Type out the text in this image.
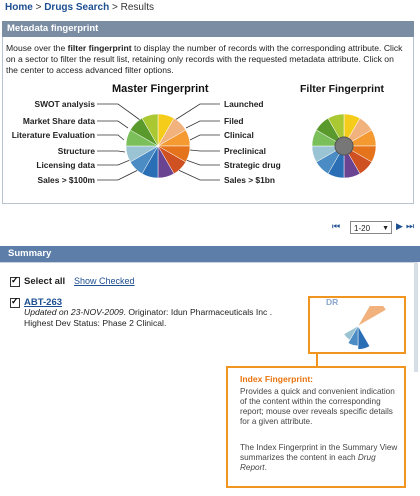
Home > Drugs Search > Results
Metadata fingerprint
Mouse over the filter fingerprint to display the number of records with the corresponding attribute. Click on a sector to filter the result list, retaining only records with the requested metadata attribute. Click on the center to access advanced filter options.
Master Fingerprint
SWOT analysis
Market Share data
Literature Evaluation
Structure
Licensing data
Sales > $100m
Launched
Filed
Clinical
Preclinical
Strategic drug
Sales > $1bn
Filter Fingerprint
⏮	1-20 ▼ ▶ ⏭
Summary
✓
Select all Show Checked
✓
ABT-263
Updated on 23-NOV-2009. Originator: Idun Pharmaceuticals Inc .
Highest Dev Status: Phase 2 Clinical.
DR
Index Fingerprint:
Provides a quick and convenient indication of the content within the corresponding report; mouse over reveals specific details for a given attribute.
The Index Fingerprint in the Summary View summarizes the content in each Drug Report.
